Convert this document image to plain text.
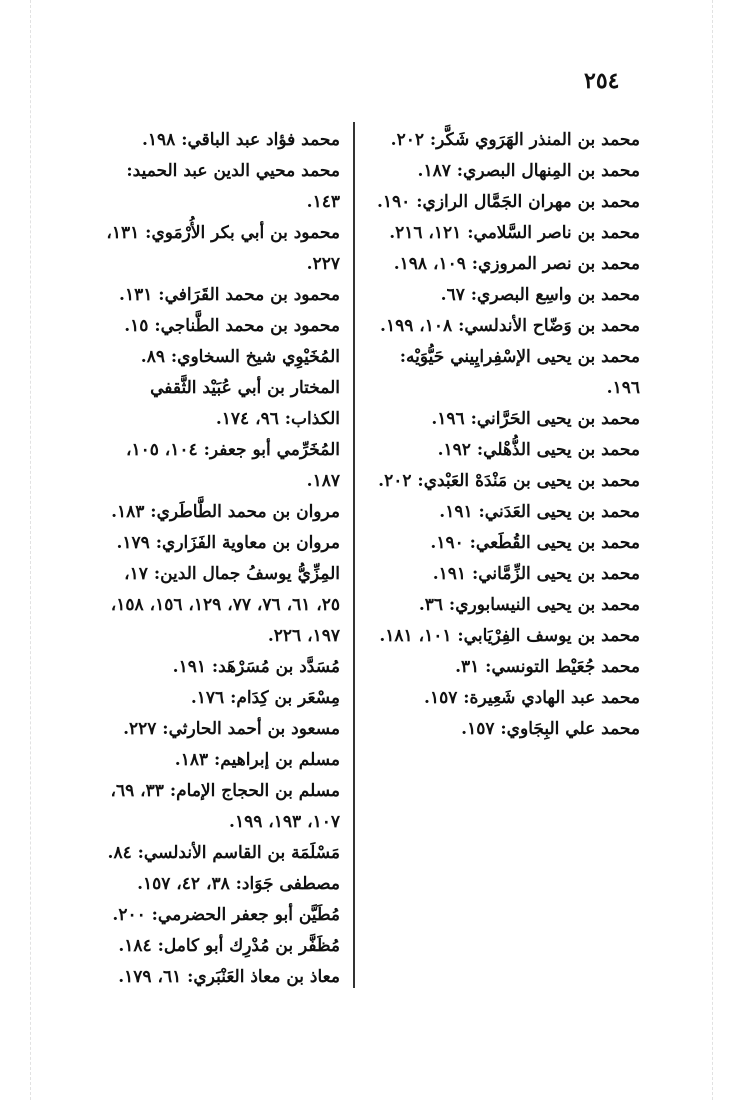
٢٥٤

محمد بن المنذر الهَرَوي شَكَّر: ٢٠٢.

محمد بن المِنهال البصري: ١٨٧.

محمد بن مهران الجَمَّال الرازي: ١٩٠.

محمد بن ناصر السَّلامي: ١٢١، ٢١٦.

محمد بن نصر المروزي: ١٠٩، ١٩٨.

محمد بن واسِع البصري: ٦٧.

محمد بن وَضّاح الأندلسي: ١٠٨، ١٩٩.

محمد بن يحيى الإسْفِرايِيني حَيُّوَيْه: ١٩٦.

محمد بن يحيى الحَرَّاني: ١٩٦.

محمد بن يحيى الذُّهْلي: ١٩٢.

محمد بن يحيى بن مَنْدَهْ العَبْدي: ٢٠٢.

محمد بن يحيى العَدَني: ١٩١.

محمد بن يحيى القُطَعي: ١٩٠.

محمد بن يحيى الزِّمَّاني: ١٩١.

محمد بن يحيى النيسابوري: ٣٦.

محمد بن يوسف الفِرْيَابي: ١٠١، ١٨١.

محمد جُعَيْط التونسي: ٣١.

محمد عبد الهادي شَعِيرة: ١٥٧.

محمد علي البِجَاوي: ١٥٧.

محمد فؤاد عبد الباقي: ١٩٨.

محمد محيي الدين عبد الحميد: ١٤٣.

محمود بن أبي بكر الأُرْمَوي: ١٣١، ٢٢٧.

محمود بن محمد القَرَافي: ١٣١.

محمود بن محمد الطَّناجي: ١٥.

المُخَيْوِي شيخ السخاوي: ٨٩.

المختار بن أبي عُبَيْد الثَّقفي الكذاب: ٩٦، ١٧٤.

المُخَرِّمي أبو جعفر: ١٠٤، ١٠٥، ١٨٧.

مروان بن محمد الطَّاطَري: ١٨٣.

مروان بن معاوية الفَزَاري: ١٧٩.

المِزِّيُّ يوسفُ جمال الدين: ١٧، ٢٥، ٦١، ٧٦، ٧٧، ١٢٩، ١٥٦، ١٥٨، ١٩٧، ٢٢٦.

مُسَدَّد بن مُسَرْهَد: ١٩١.

مِسْعَر بن كِدَام: ١٧٦.

مسعود بن أحمد الحارثي: ٢٢٧.

مسلم بن إبراهيم: ١٨٣.

مسلم بن الحجاج الإمام: ٣٣، ٦٩، ١٠٧، ١٩٣، ١٩٩.

مَسْلَمَة بن القاسم الأندلسي: ٨٤.

مصطفى جَوَاد: ٣٨، ٤٢، ١٥٧.

مُطَيَّن أبو جعفر الحضرمي: ٢٠٠.

مُظَفَّر بن مُدْرِك أبو كامل: ١٨٤.

معاذ بن معاذ العَنْبَري: ٦١، ١٧٩.
